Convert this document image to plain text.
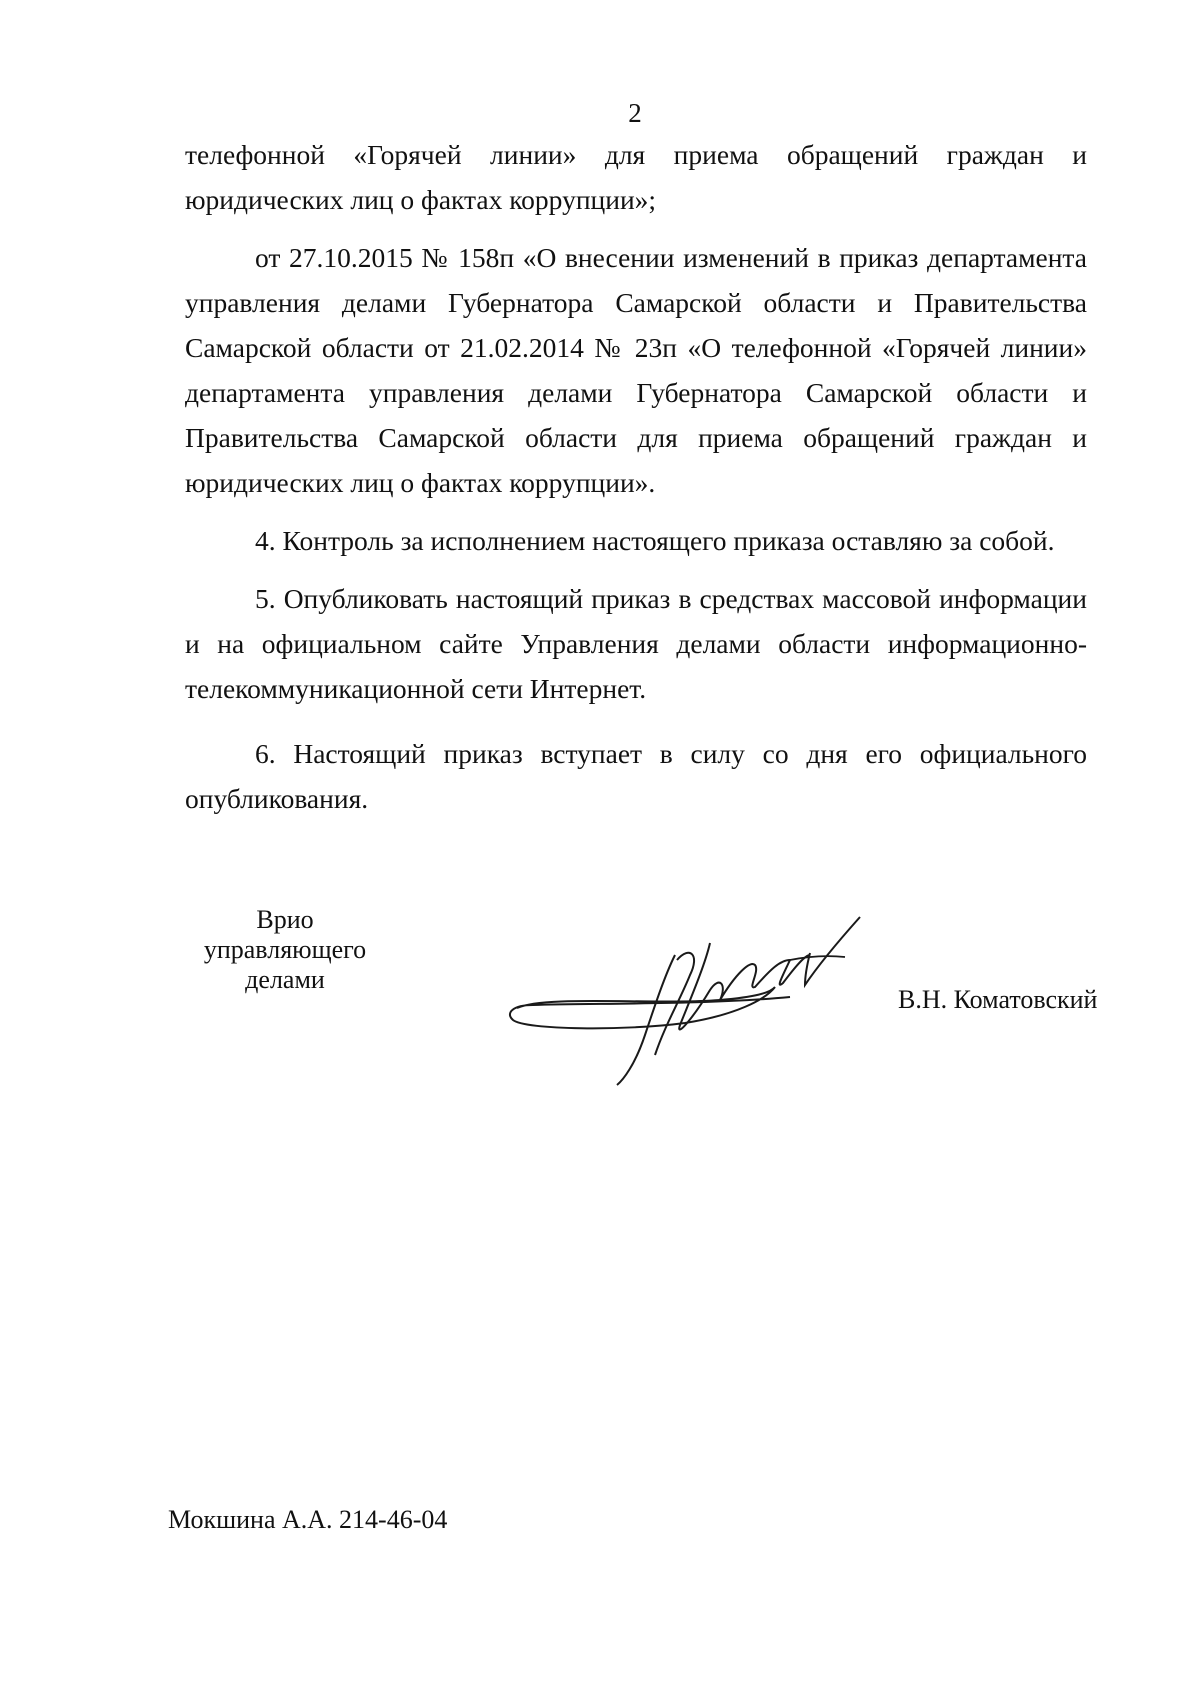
2

телефонной «Горячей линии» для приема обращений граждан и юридических лиц о фактах коррупции»;

от 27.10.2015 № 158п «О внесении изменений в приказ департамента управления делами Губернатора Самарской области и Правительства Самарской области от 21.02.2014 № 23п «О телефонной «Горячей линии» департамента управления делами Губернатора Самарской области и Правительства Самарской области для приема обращений граждан и юридических лиц о фактах коррупции».

4. Контроль за исполнением настоящего приказа оставляю за собой.

5. Опубликовать настоящий приказ в средствах массовой информации и на официальном сайте Управления делами области информационно-телекоммуникационной сети Интернет.

6. Настоящий приказ вступает в силу со дня его официального опубликования.

Врио
управляющего
делами
В.Н. Коматовский
Мокшина А.А. 214-46-04
